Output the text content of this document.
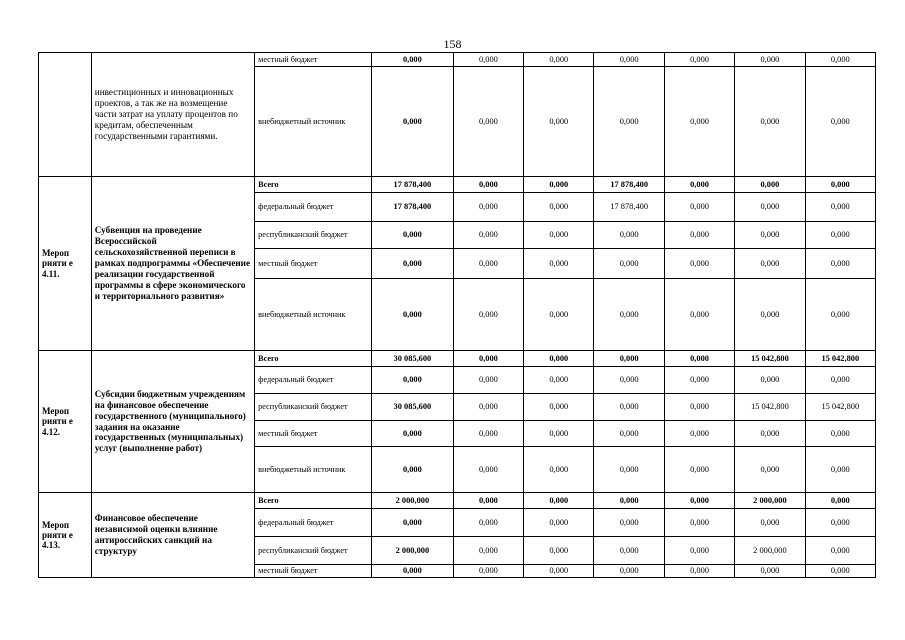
158
	инвестиционных и инновационных проектов, а так же на возмещение части затрат на уплату процентов по кредитам, обеспеченным государственными гарантиями.	местный бюджет	0,000	0,000	0,000	0,000	0,000	0,000	0,000
		внебюджетный источник	0,000	0,000	0,000	0,000	0,000	0,000	0,000
Мероп рияти е 4.11.	Субвенция на проведение Всероссийской сельскохозяйственной переписи в рамках подпрограммы «Обеспечение реализации государственной программы в сфере экономического и территориального развития»	Всего	17 878,400	0,000	0,000	17 878,400	0,000	0,000	0,000
		федеральный бюджет	17 878,400	0,000	0,000	17 878,400	0,000	0,000	0,000
		республиканский бюджет	0,000	0,000	0,000	0,000	0,000	0,000	0,000
		местный бюджет	0,000	0,000	0,000	0,000	0,000	0,000	0,000
		внебюджетный источник	0,000	0,000	0,000	0,000	0,000	0,000	0,000
Мероп рияти е 4.12.	Субсидии бюджетным учреждениям на финансовое обеспечение государственного (муниципального) задания на оказание государственных (муниципальных) услуг (выполнение работ)	Всего	30 085,600	0,000	0,000	0,000	0,000	15 042,800	15 042,800
		федеральный бюджет	0,000	0,000	0,000	0,000	0,000	0,000	0,000
		республиканский бюджет	30 085,600	0,000	0,000	0,000	0,000	15 042,800	15 042,800
		местный бюджет	0,000	0,000	0,000	0,000	0,000	0,000	0,000
		внебюджетный источник	0,000	0,000	0,000	0,000	0,000	0,000	0,000
Мероп рияти е 4.13.	Финансовое обеспечение независимой оценки влияние антироссийских санкций на структуру	Всего	2 000,000	0,000	0,000	0,000	0,000	2 000,000	0,000
		федеральный бюджет	0,000	0,000	0,000	0,000	0,000	0,000	0,000
		республиканский бюджет	2 000,000	0,000	0,000	0,000	0,000	2 000,000	0,000
		местный бюджет	0,000	0,000	0,000	0,000	0,000	0,000	0,000
